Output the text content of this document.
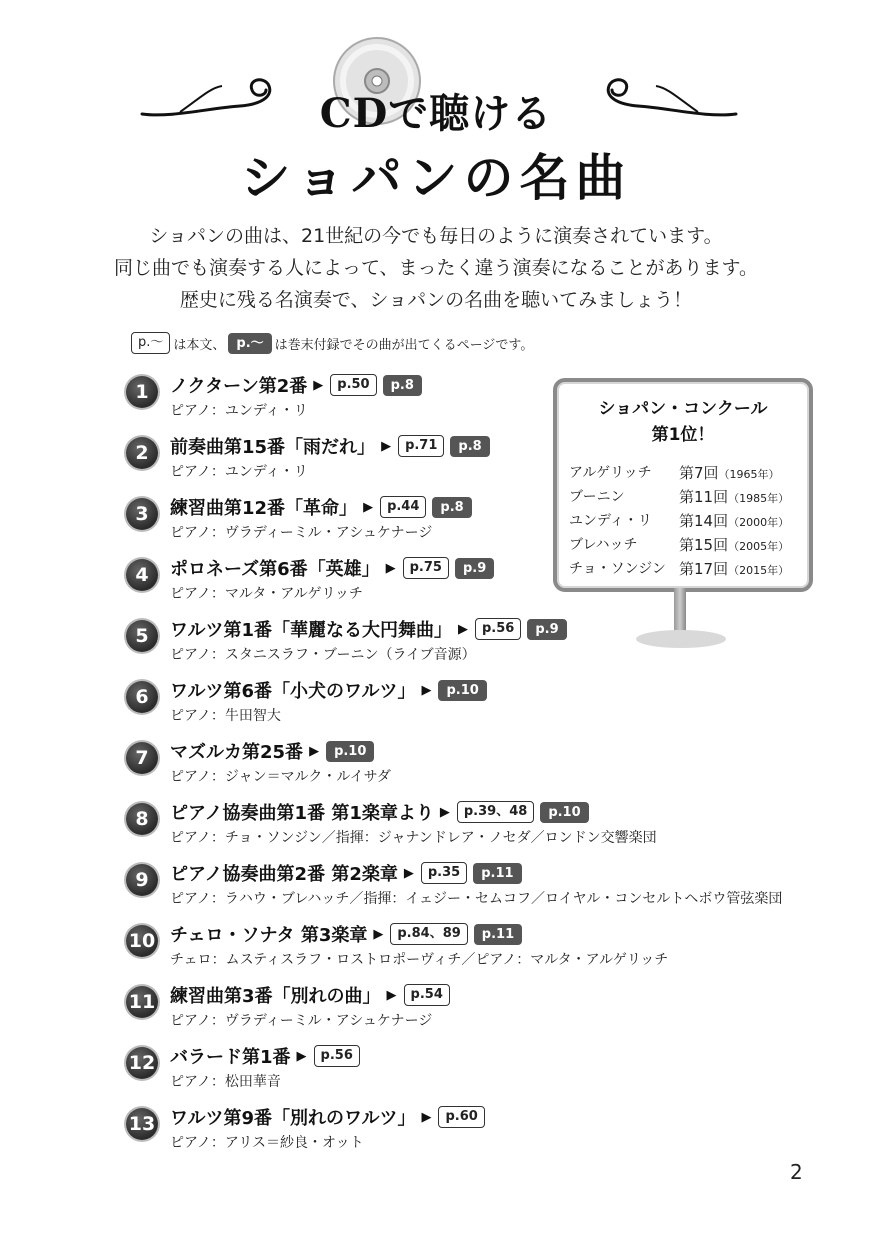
CDで聴ける
ショパンの名曲
ショパンの曲は、21世紀の今でも毎日のように演奏されています。
同じ曲でも演奏する人によって、まったく違う演奏になることがあります。
歴史に残る名演奏で、ショパンの名曲を聴いてみましょう！
p.～ は本文、 p.～ は巻末付録でその曲が出てくるページです。
1	ノクターン第2番 ▶	p.50	p.8
ピアノ：ユンディ・リ
2	前奏曲第15番「雨だれ」 ▶	p.71	p.8
ピアノ：ユンディ・リ
3	練習曲第12番「革命」 ▶	p.44	p.8
ピアノ：ヴラディーミル・アシュケナージ
4	ポロネーズ第6番「英雄」 ▶	p.75	p.9
ピアノ：マルタ・アルゲリッチ
5	ワルツ第1番「華麗なる大円舞曲」 ▶	p.56	p.9
ピアノ：スタニスラフ・ブーニン（ライブ音源）
6	ワルツ第6番「小犬のワルツ」 ▶	p.10
ピアノ：牛田智大
7	マズルカ第25番 ▶	p.10
ピアノ：ジャン＝マルク・ルイサダ
8	ピアノ協奏曲第1番 第1楽章より ▶	p.39、48	p.10
ピアノ：チョ・ソンジン／指揮：ジャナンドレア・ノセダ／ロンドン交響楽団
9	ピアノ協奏曲第2番 第2楽章 ▶	p.35	p.11
ピアノ：ラハウ・ブレハッチ／指揮：イェジー・セムコフ／ロイヤル・コンセルトヘボウ管弦楽団
10 チェロ・ソナタ 第3楽章 ▶	p.84、89	p.11
チェロ：ムスティスラフ・ロストロポーヴィチ／ピアノ：マルタ・アルゲリッチ
11 練習曲第3番「別れの曲」 ▶	p.54
ピアノ：ヴラディーミル・アシュケナージ
12 バラード第1番 ▶	p.56
ピアノ：松田華音
13 ワルツ第9番「別れのワルツ」 ▶	p.60
ピアノ：アリス＝紗良・オット
ショパン・コンクール
第1位！
アルゲリッチ 第7回（1965年）
ブーニン	第11回（1985年）
ユンディ・リ 第14回（2000年）
ブレハッチ	第15回（2005年）
チョ・ソンジン 第17回（2015年）
2
